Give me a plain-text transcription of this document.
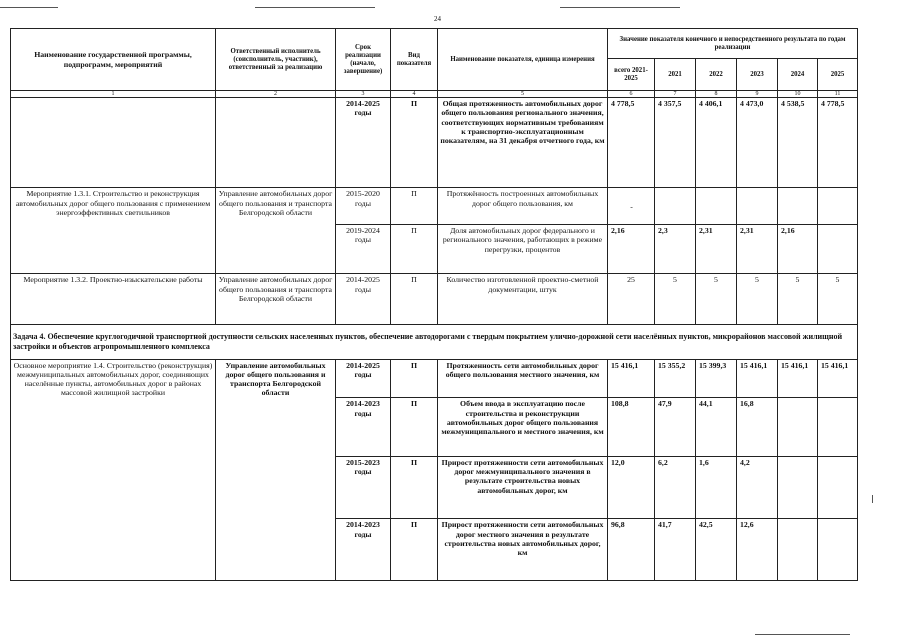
24
Наименование государственной программы, подпрограмм, мероприятий	Ответственный исполнитель (соисполнитель, участник), ответственный за реализацию	Срок реализации (начало, завершение)	Вид показателя	Наименование показателя, единица измерения	Значение показателя конечного и непосредственного результата по годам реализации					
					всего 2021-2025	2021	2022	2023	2024	2025
1	2	3	4	5	6	7	8	9	10	11
		2014-2025 годы	П	Общая протяженность автомобильных дорог общего пользования регионального значения, соответствующих нормативным требованиям к транспортно-эксплуатационным показателям, на 31 декабря отчетного года, км	4 778,5	4 357,5	4 406,1	4 473,0	4 538,5	4 778,5
Мероприятие 1.3.1. Строительство и реконструкция автомобильных дорог общего пользования с применением энергоэффективных светильников	Управление автомобильных дорог общего пользования и транспорта Белгородской области	2015-2020 годы	П	Протяжённость построенных автомобильных дорог общего пользования, км	-					
		2019-2024 годы	П	Доля автомобильных дорог федерального и регионального значения, работающих в режиме перегрузки, процентов	2,16	2,3	2,31	2,31	2,16	
Мероприятие 1.3.2. Проектно-изыскательские работы	Управление автомобильных дорог общего пользования и транспорта Белгородской области	2014-2025 годы	П	Количество изготовленной проектно-сметной документации, штук	25	5	5	5	5	5
Задача 4. Обеспечение круглогодичной транспортной доступности сельских населенных пунктов, обеспечение автодорогами с твердым покрытием улично-дорожной сети населённых пунктов, микрорайонов массовой жилищной застройки и объектов агропромышленного комплекса										
Основное мероприятие 1.4. Строительство (реконструкция) межмуниципальных автомобильных дорог, соединяющих населённые пункты, автомобильных дорог в районах массовой жилищной застройки	Управление автомобильных дорог общего пользования и транспорта Белгородской области	2014-2025 годы	П	Протяженность сети автомобильных дорог общего пользования местного значения, км	15 416,1	15 355,2	15 399,3	15 416,1	15 416,1	15 416,1
		2014-2023 годы	П	Объем ввода в эксплуатацию после строительства и реконструкции автомобильных дорог общего пользования межмуниципального и местного значения, км	108,8	47,9	44,1	16,8		
		2015-2023 годы	П	Прирост протяженности сети автомобильных дорог межмуниципального значения в результате строительства новых автомобильных дорог, км	12,0	6,2	1,6	4,2		
		2014-2023 годы	П	Прирост протяженности сети автомобильных дорог местного значения в результате строительства новых автомобильных дорог, км	96,8	41,7	42,5	12,6		
